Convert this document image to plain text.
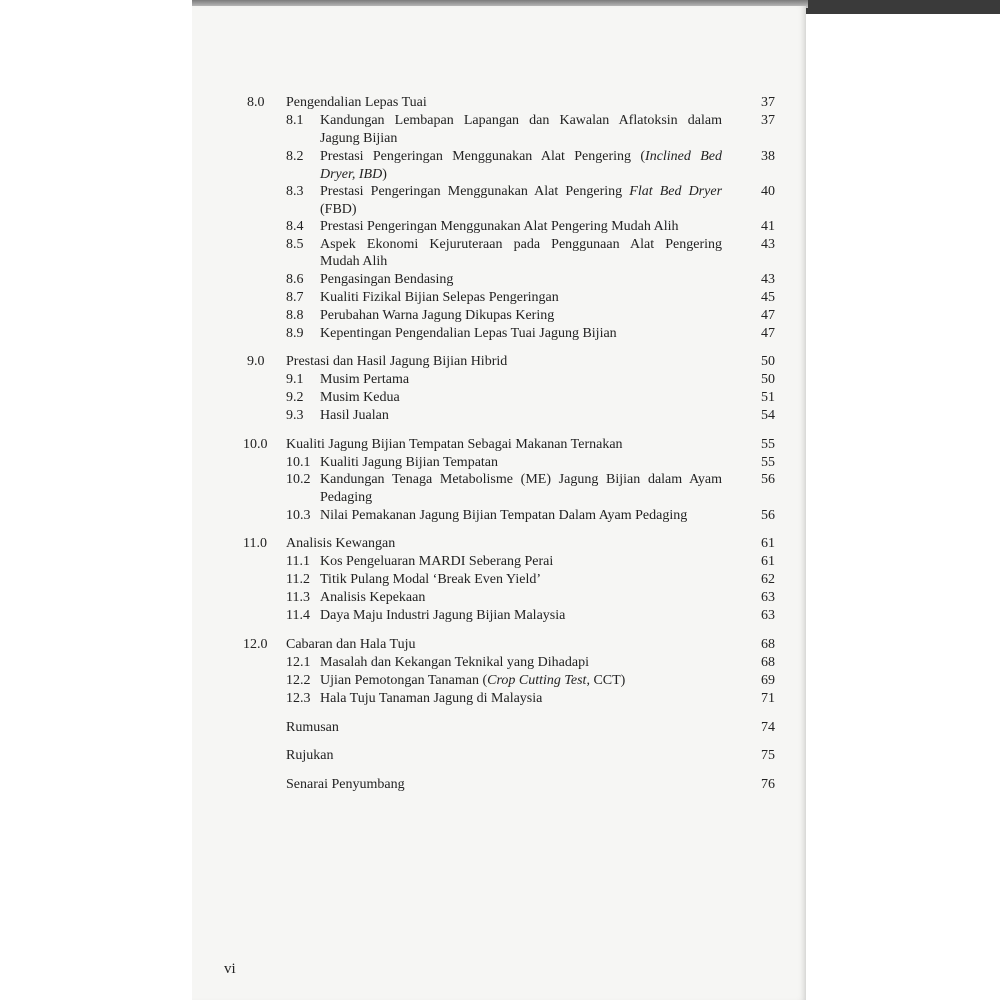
8.0 Pengendalian Lepas Tuai	37
8.1 Kandungan Lembapan Lapangan dan Kawalan Aflatoksin dalam	37
Jagung Bijian
8.2 Prestasi Pengeringan Menggunakan Alat Pengering (Inclined Bed	38
Dryer, IBD)
8.3 Prestasi Pengeringan Menggunakan Alat Pengering Flat Bed Dryer	40
(FBD)
8.4 Prestasi Pengeringan Menggunakan Alat Pengering Mudah Alih	41
8.5 Aspek Ekonomi Kejuruteraan pada Penggunaan Alat Pengering	43
Mudah Alih
8.6 Pengasingan Bendasing	43
8.7 Kualiti Fizikal Bijian Selepas Pengeringan	45
8.8 Perubahan Warna Jagung Dikupas Kering	47
8.9 Kepentingan Pengendalian Lepas Tuai Jagung Bijian	47
9.0 Prestasi dan Hasil Jagung Bijian Hibrid	50
9.1 Musim Pertama	50
9.2 Musim Kedua	51
9.3 Hasil Jualan	54
10.0 Kualiti Jagung Bijian Tempatan Sebagai Makanan Ternakan	55
10.1 Kualiti Jagung Bijian Tempatan	55
10.2 Kandungan Tenaga Metabolisme (ME) Jagung Bijian dalam Ayam	56
Pedaging
10.3 Nilai Pemakanan Jagung Bijian Tempatan Dalam Ayam Pedaging	56
11.0 Analisis Kewangan	61
11.1 Kos Pengeluaran MARDI Seberang Perai	61
11.2 Titik Pulang Modal ‘Break Even Yield’	62
11.3 Analisis Kepekaan	63
11.4 Daya Maju Industri Jagung Bijian Malaysia	63
12.0 Cabaran dan Hala Tuju	68
12.1 Masalah dan Kekangan Teknikal yang Dihadapi	68
12.2 Ujian Pemotongan Tanaman (Crop Cutting Test, CCT)	69
12.3 Hala Tuju Tanaman Jagung di Malaysia	71
Rumusan	74
Rujukan	75
Senarai Penyumbang	76
vi
